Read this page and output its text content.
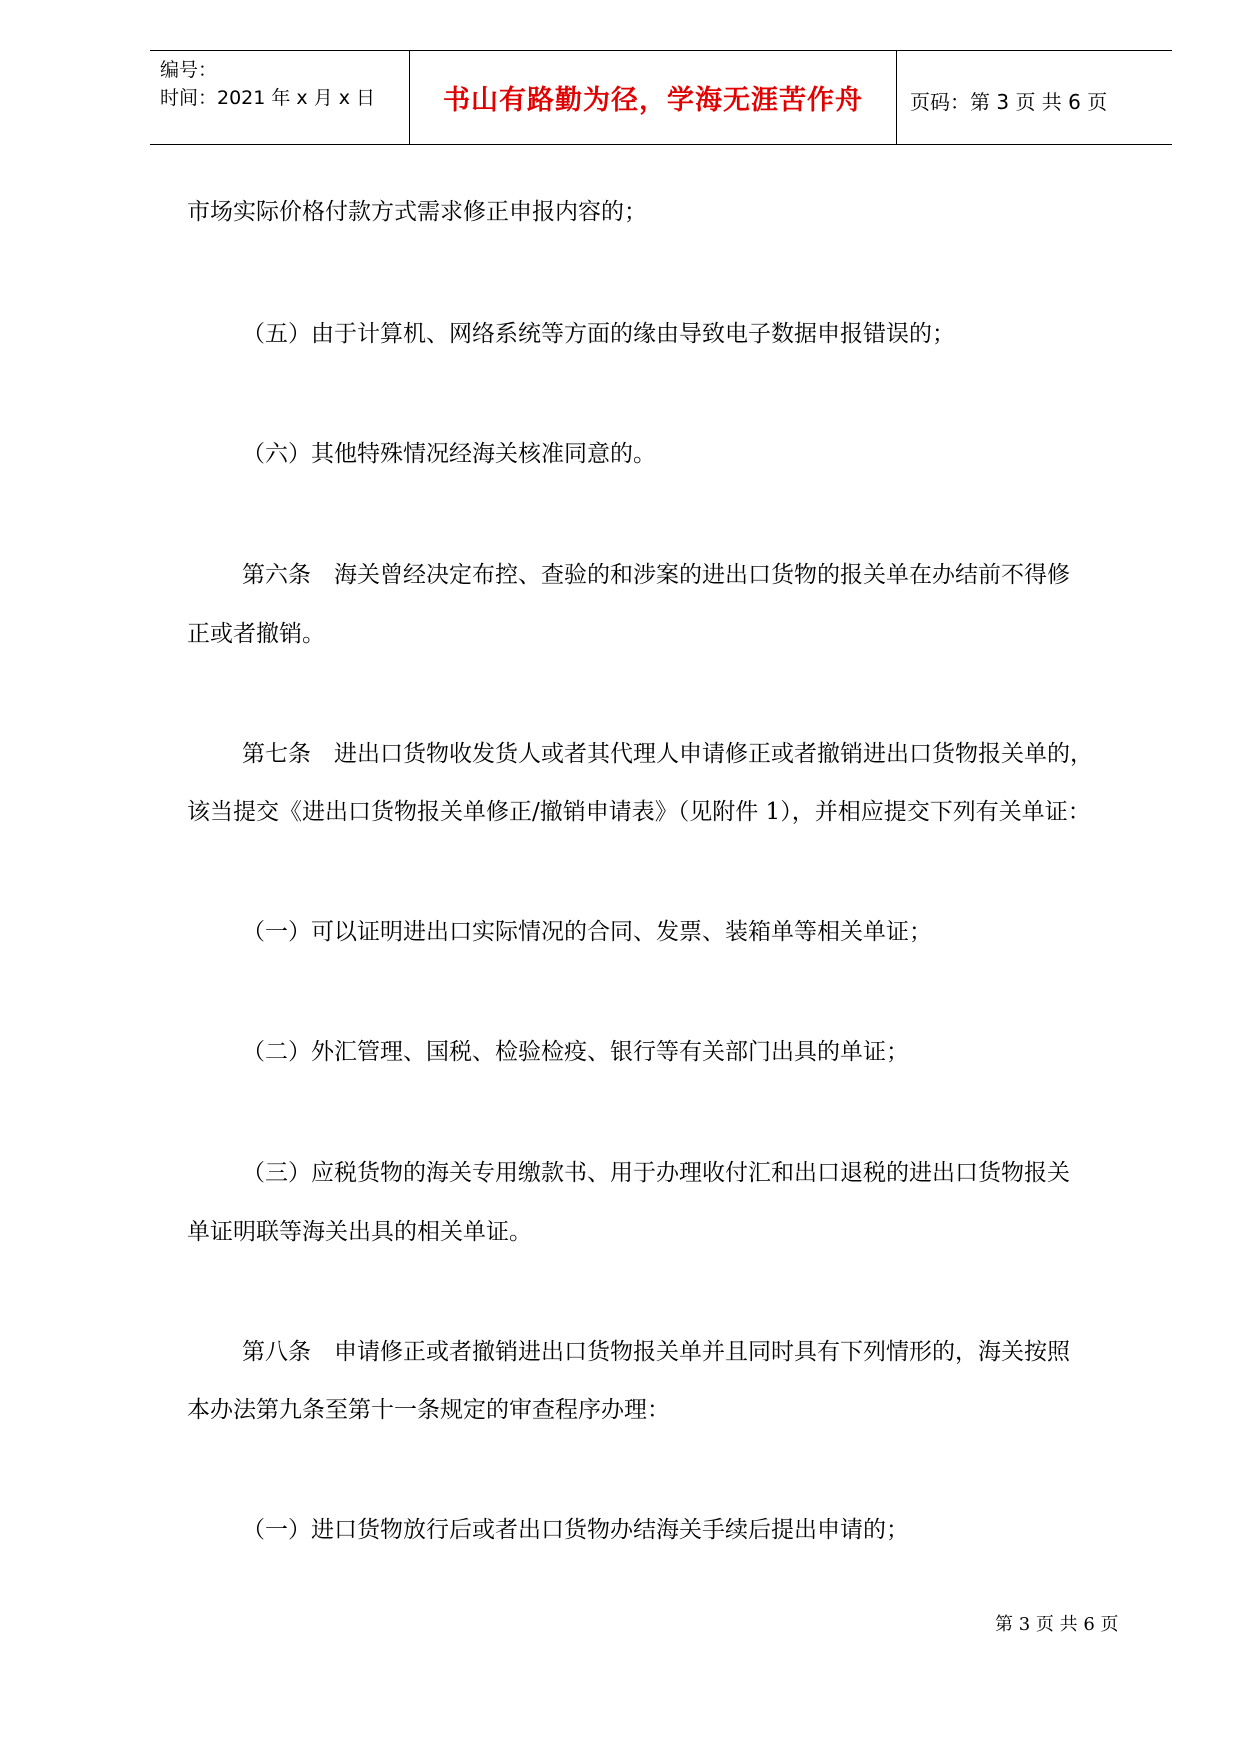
编号：
时间：2021 年 x 月 x 日	书山有路勤为径，学海无涯苦作舟	页码：第 3 页 共 6 页
市场实际价格付款方式需求修正申报内容的；
（五）由于计算机、网络系统等方面的缘由导致电子数据申报错误的；
（六）其他特殊情况经海关核准同意的。
第六条　海关曾经决定布控、查验的和涉案的进出口货物的报关单在办结前不得修
正或者撤销。
第七条　进出口货物收发货人或者其代理人申请修正或者撤销进出口货物报关单的，
该当提交《进出口货物报关单修正/撤销申请表》（见附件 1），并相应提交下列有关单证：
（一）可以证明进出口实际情况的合同、发票、装箱单等相关单证；
（二）外汇管理、国税、检验检疫、银行等有关部门出具的单证；
（三）应税货物的海关专用缴款书、用于办理收付汇和出口退税的进出口货物报关
单证明联等海关出具的相关单证。
第八条　申请修正或者撤销进出口货物报关单并且同时具有下列情形的，海关按照
本办法第九条至第十一条规定的审查程序办理：
（一）进口货物放行后或者出口货物办结海关手续后提出申请的；
第 3 页 共 6 页
